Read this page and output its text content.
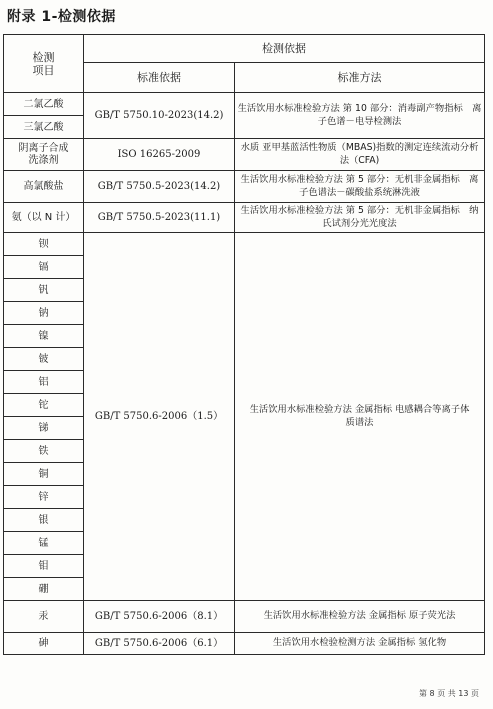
附录 1-检测依据
检测
项目	检测依据	
	标准依据	标准方法
二氯乙酸	GB/T 5750.10-2023(14.2)	生活饮用水标准检验方法 第 10 部分：消毒副产物指标　离子色谱－电导检测法
三氯乙酸		
阴离子合成
洗涤剂	ISO 16265-2009	水质 亚甲基蓝活性物质（MBAS)指数的测定连续流动分析法（CFA)
高氯酸盐	GB/T 5750.5-2023(14.2)	生活饮用水标准检验方法 第 5 部分：无机非金属指标　离子色谱法－碳酸盐系统淋洗液
氨（以 N 计）	GB/T 5750.5-2023(11.1)	生活饮用水标准检验方法 第 5 部分：无机非金属指标　纳氏试剂分光光度法
钡	GB/T 5750.6-2006（1.5）	生活饮用水标准检验方法 金属指标 电感耦合等离子体质谱法
镉		
钒		
钠		
镍		
铍		
铝		
铊		
锑		
铁		
铜		
锌		
银		
锰		
钼		
硼		
汞	GB/T 5750.6-2006（8.1）	生活饮用水标准检验方法 金属指标 原子荧光法
砷	GB/T 5750.6-2006（6.1）	生活饮用水检验检测方法 金属指标 氢化物
第 8 页 共 13 页
